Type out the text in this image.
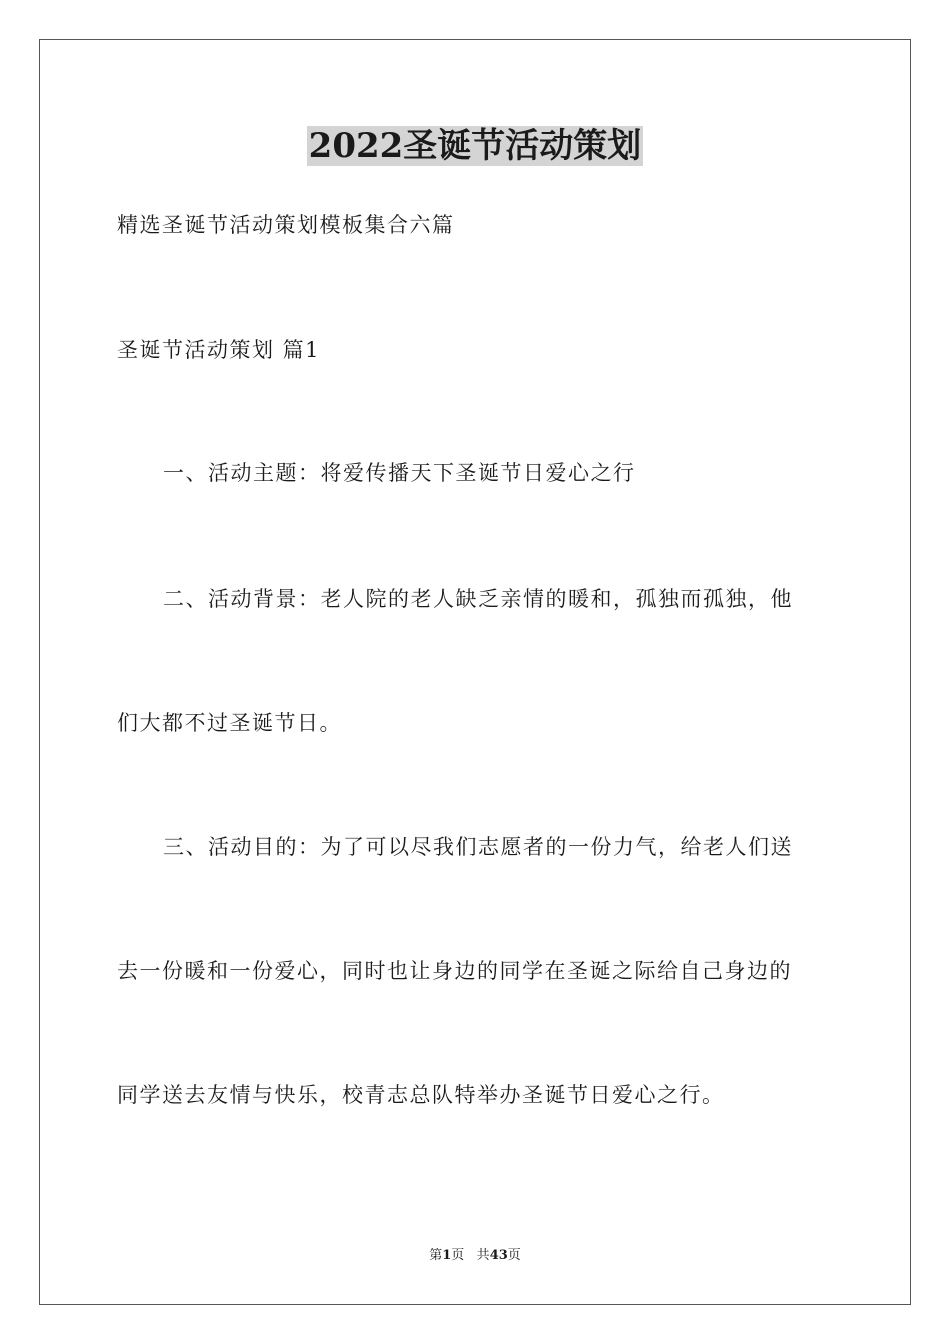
2022圣诞节活动策划
精选圣诞节活动策划模板集合六篇
圣诞节活动策划 篇1
一、活动主题：将爱传播天下圣诞节日爱心之行
二、活动背景：老人院的老人缺乏亲情的暖和，孤独而孤独，他
们大都不过圣诞节日。
三、活动目的：为了可以尽我们志愿者的一份力气，给老人们送
去一份暖和一份爱心，同时也让身边的同学在圣诞之际给自己身边的
同学送去友情与快乐，校青志总队特举办圣诞节日爱心之行。
第1页 共43页
